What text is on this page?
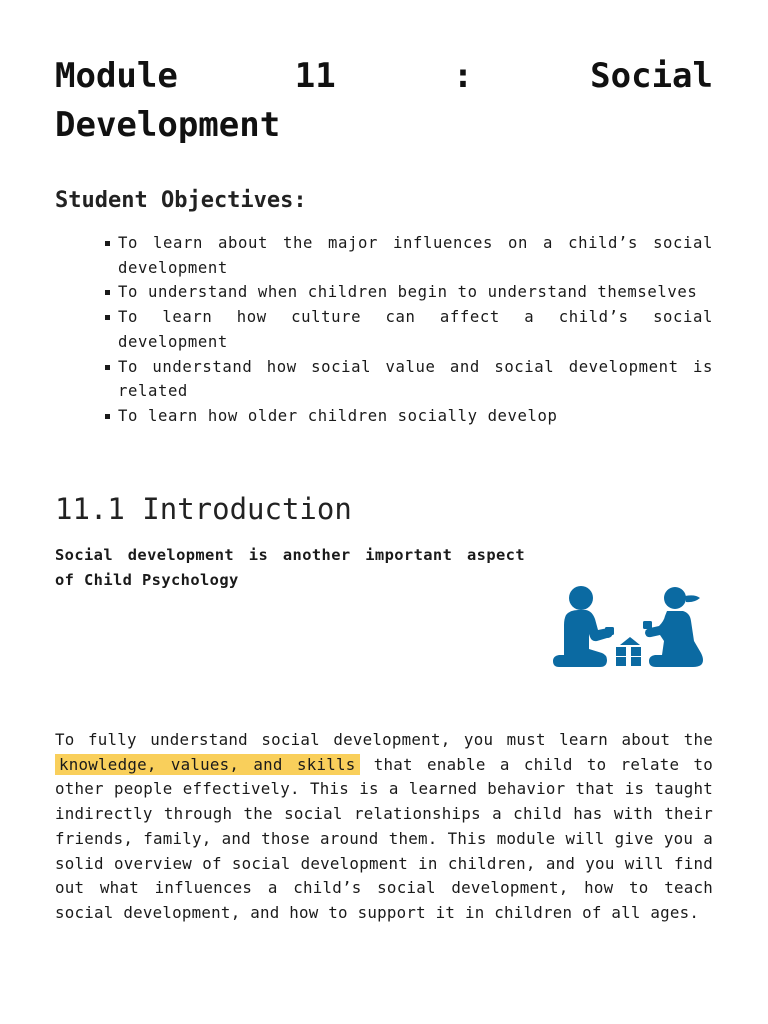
Module	11	:	Social
Development
Student Objectives:
To learn about the major influences on a child’s social development
To understand when children begin to understand themselves
To learn how culture can affect a child’s social development
To understand how social value and social development is related
To learn how older children socially develop
11.1 Introduction

Social development is another important aspect of Child Psychology

To fully understand social development, you must learn about the knowledge, values, and skills that enable a child to relate to other people effectively. This is a learned behavior that is taught indirectly through the social relationships a child has with their friends, family, and those around them. This module will give you a solid overview of social development in children, and you will find out what influences a child’s social development, how to teach social development, and how to support it in children of all ages.
